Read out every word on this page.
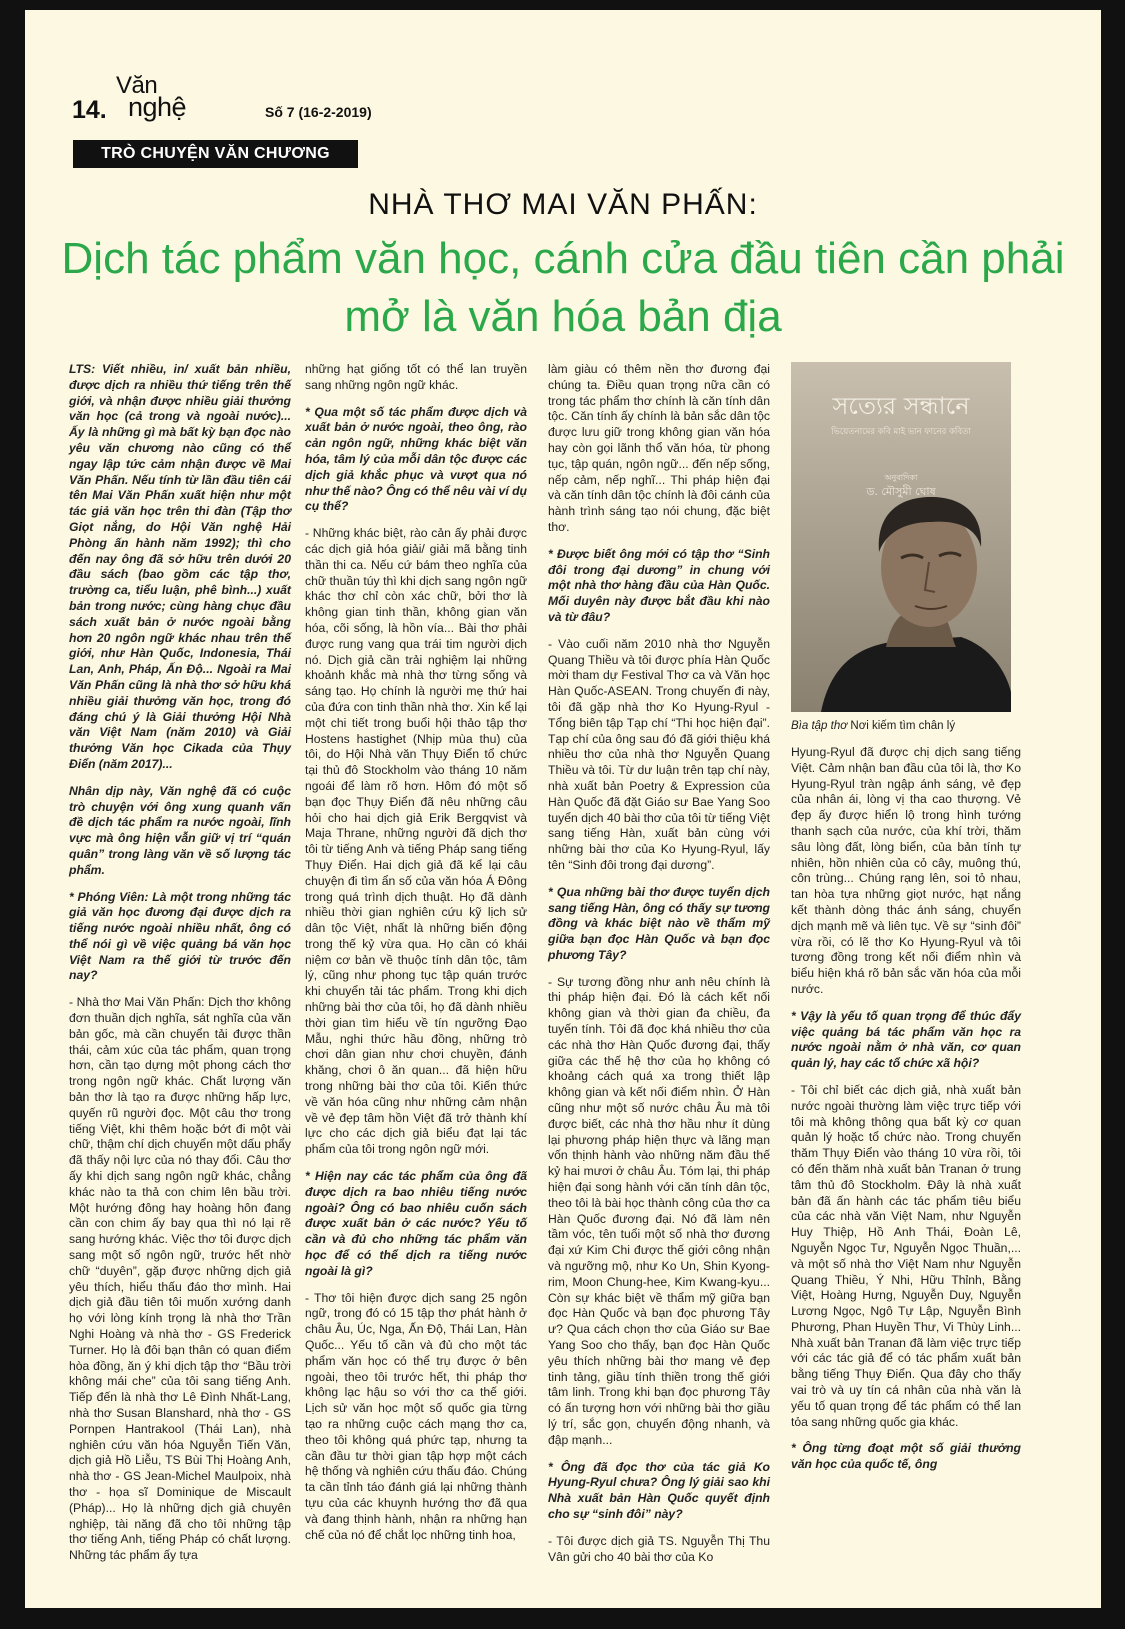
14.
Văn
nghệ	Số 7 (16-2-2019)
TRÒ CHUYỆN VĂN CHƯƠNG
NHÀ THƠ MAI VĂN PHẤN:
Dịch tác phẩm văn học, cánh cửa đầu tiên cần phải mở là văn hóa bản địa

LTS: Viết nhiều, in/ xuất bản nhiều, được dịch ra nhiều thứ tiếng trên thế giới, và nhận được nhiều giải thưởng văn học (cả trong và ngoài nước)... Ấy là những gì mà bất kỳ bạn đọc nào yêu văn chương nào cũng có thể ngay lập tức cảm nhận được về Mai Văn Phấn. Nếu tính từ lần đầu tiên cái tên Mai Văn Phấn xuất hiện như một tác giả văn học trên thi đàn (Tập thơ Giọt nắng, do Hội Văn nghệ Hải Phòng ấn hành năm 1992); thì cho đến nay ông đã sở hữu trên dưới 20 đầu sách (bao gồm các tập thơ, trường ca, tiểu luận, phê bình...) xuất bản trong nước; cùng hàng chục đầu sách xuất bản ở nước ngoài bằng hơn 20 ngôn ngữ khác nhau trên thế giới, như Hàn Quốc, Indonesia, Thái Lan, Anh, Pháp, Ấn Độ... Ngoài ra Mai Văn Phấn cũng là nhà thơ sở hữu khá nhiều giải thưởng văn học, trong đó đáng chú ý là Giải thưởng Hội Nhà văn Việt Nam (năm 2010) và Giải thưởng Văn học Cikada của Thụy Điển (năm 2017)...

Nhân dịp này, Văn nghệ đã có cuộc trò chuyện với ông xung quanh vấn đề dịch tác phẩm ra nước ngoài, lĩnh vực mà ông hiện vẫn giữ vị trí “quán quân” trong làng văn về số lượng tác phẩm.

* Phóng Viên: Là một trong những tác giả văn học đương đại được dịch ra tiếng nước ngoài nhiều nhất, ông có thể nói gì về việc quảng bá văn học Việt Nam ra thế giới từ trước đến nay?

- Nhà thơ Mai Văn Phấn: Dịch thơ không đơn thuần dịch nghĩa, sát nghĩa của văn bản gốc, mà cần chuyển tải được thần thái, cảm xúc của tác phẩm, quan trọng hơn, cần tạo dựng một phong cách thơ trong ngôn ngữ khác. Chất lượng văn bản thơ là tạo ra được những hấp lực, quyến rũ người đọc. Một câu thơ trong tiếng Việt, khi thêm hoặc bớt đi một vài chữ, thậm chí dịch chuyển một dấu phẩy đã thấy nội lực của nó thay đổi. Câu thơ ấy khi dịch sang ngôn ngữ khác, chẳng khác nào ta thả con chim lên bầu trời. Một hướng đông hay hoàng hôn đang cần con chim ấy bay qua thì nó lại rẽ sang hướng khác. Việc thơ tôi được dịch sang một số ngôn ngữ, trước hết nhờ chữ “duyên”, gặp được những dịch giả yêu thích, hiểu thấu đáo thơ mình. Hai dịch giả đầu tiên tôi muốn xướng danh họ với lòng kính trọng là nhà thơ Trần Nghi Hoàng và nhà thơ - GS Frederick Turner. Họ là đôi bạn thân có quan điểm hòa đồng, ăn ý khi dịch tập thơ “Bầu trời không mái che” của tôi sang tiếng Anh. Tiếp đến là nhà thơ Lê Đình Nhất-Lang, nhà thơ Susan Blanshard, nhà thơ - GS Pornpen Hantrakool (Thái Lan), nhà nghiên cứu văn hóa Nguyễn Tiến Văn, dịch giả Hồ Liễu, TS Bùi Thị Hoàng Anh, nhà thơ - GS Jean-Michel Maulpoix, nhà thơ - họa sĩ Dominique de Miscault (Pháp)... Họ là những dịch giả chuyên nghiệp, tài năng đã cho tôi những tập thơ tiếng Anh, tiếng Pháp có chất lượng. Những tác phẩm ấy tựa

những hạt giống tốt có thể lan truyền sang những ngôn ngữ khác.

* Qua một số tác phẩm được dịch và xuất bản ở nước ngoài, theo ông, rào cản ngôn ngữ, những khác biệt văn hóa, tâm lý của mỗi dân tộc được các dịch giả khắc phục và vượt qua nó như thế nào? Ông có thể nêu vài ví dụ cụ thể?

- Những khác biệt, rào cản ấy phải được các dịch giả hóa giải/ giải mã bằng tinh thần thi ca. Nếu cứ bám theo nghĩa của chữ thuần túy thì khi dịch sang ngôn ngữ khác thơ chỉ còn xác chữ, bởi thơ là không gian tinh thần, không gian văn hóa, cõi sống, là hồn vía... Bài thơ phải được rung vang qua trái tim người dịch nó. Dịch giả cần trải nghiệm lại những khoảnh khắc mà nhà thơ từng sống và sáng tạo. Họ chính là người mẹ thứ hai của đứa con tinh thần nhà thơ. Xin kể lại một chi tiết trong buổi hội thảo tập thơ Hostens hastighet (Nhịp mùa thu) của tôi, do Hội Nhà văn Thụy Điển tổ chức tại thủ đô Stockholm vào tháng 10 năm ngoái để làm rõ hơn. Hôm đó một số bạn đọc Thụy Điển đã nêu những câu hỏi cho hai dịch giả Erik Bergqvist và Maja Thrane, những người đã dịch thơ tôi từ tiếng Anh và tiếng Pháp sang tiếng Thụy Điển. Hai dịch giả đã kể lại câu chuyện đi tìm ẩn số của văn hóa Á Đông trong quá trình dịch thuật. Họ đã dành nhiều thời gian nghiên cứu kỹ lịch sử dân tộc Việt, nhất là những biến động trong thế kỷ vừa qua. Họ cần có khái niệm cơ bản về thuộc tính dân tộc, tâm lý, cũng như phong tục tập quán trước khi chuyển tải tác phẩm. Trong khi dịch những bài thơ của tôi, họ đã dành nhiều thời gian tìm hiểu về tín ngưỡng Đạo Mẫu, nghi thức hầu đồng, những trò chơi dân gian như chơi chuyền, đánh khăng, chơi ô ăn quan... đã hiện hữu trong những bài thơ của tôi. Kiến thức về văn hóa cũng như những cảm nhận về vẻ đẹp tâm hồn Việt đã trở thành khí lực cho các dịch giả biểu đạt lại tác phẩm của tôi trong ngôn ngữ mới.

* Hiện nay các tác phẩm của ông đã được dịch ra bao nhiêu tiếng nước ngoài? Ông có bao nhiêu cuốn sách được xuất bản ở các nước? Yếu tố cần và đủ cho những tác phẩm văn học để có thể dịch ra tiếng nước ngoài là gì?

- Thơ tôi hiện được dịch sang 25 ngôn ngữ, trong đó có 15 tập thơ phát hành ở châu Âu, Úc, Nga, Ấn Độ, Thái Lan, Hàn Quốc... Yếu tố cần và đủ cho một tác phẩm văn học có thể trụ được ở bên ngoài, theo tôi trước hết, thi pháp thơ không lạc hậu so với thơ ca thế giới. Lịch sử văn học một số quốc gia từng tạo ra những cuộc cách mạng thơ ca, theo tôi không quá phức tạp, nhưng ta cần đầu tư thời gian tập hợp một cách hệ thống và nghiên cứu thấu đáo. Chúng ta cần tỉnh táo đánh giá lại những thành tựu của các khuynh hướng thơ đã qua và đang thịnh hành, nhận ra những hạn chế của nó để chắt lọc những tinh hoa,

làm giàu có thêm nền thơ đương đại chúng ta. Điều quan trọng nữa cần có trong tác phẩm thơ chính là căn tính dân tộc. Căn tính ấy chính là bản sắc dân tộc được lưu giữ trong không gian văn hóa hay còn gọi lãnh thổ văn hóa, từ phong tục, tập quán, ngôn ngữ... đến nếp sống, nếp cảm, nếp nghĩ... Thi pháp hiện đại và căn tính dân tộc chính là đôi cánh của hành trình sáng tạo nói chung, đặc biệt thơ.

* Được biết ông mới có tập thơ “Sinh đôi trong đại dương” in chung với một nhà thơ hàng đầu của Hàn Quốc. Mối duyên này được bắt đầu khi nào và từ đâu?

- Vào cuối năm 2010 nhà thơ Nguyễn Quang Thiều và tôi được phía Hàn Quốc mời tham dự Festival Thơ ca và Văn học Hàn Quốc-ASEAN. Trong chuyến đi này, tôi đã gặp nhà thơ Ko Hyung-Ryul - Tổng biên tập Tạp chí “Thi học hiện đại”. Tạp chí của ông sau đó đã giới thiệu khá nhiều thơ của nhà thơ Nguyễn Quang Thiều và tôi. Từ dư luận trên tạp chí này, nhà xuất bản Poetry & Expression của Hàn Quốc đã đặt Giáo sư Bae Yang Soo tuyển dịch 40 bài thơ của tôi từ tiếng Việt sang tiếng Hàn, xuất bản cùng với những bài thơ của Ko Hyung-Ryul, lấy tên “Sinh đôi trong đại dương”.

* Qua những bài thơ được tuyển dịch sang tiếng Hàn, ông có thấy sự tương đồng và khác biệt nào về thẩm mỹ giữa bạn đọc Hàn Quốc và bạn đọc phương Tây?

- Sự tương đồng như anh nêu chính là thi pháp hiện đại. Đó là cách kết nối không gian và thời gian đa chiều, đa tuyến tính. Tôi đã đọc khá nhiều thơ của các nhà thơ Hàn Quốc đương đại, thấy giữa các thế hệ thơ của họ không có khoảng cách quá xa trong thiết lập không gian và kết nối điểm nhìn. Ở Hàn cũng như một số nước châu Âu mà tôi được biết, các nhà thơ hầu như ít dùng lại phương pháp hiện thực và lãng mạn vốn thịnh hành vào những năm đầu thế kỷ hai mươi ở châu Âu. Tóm lại, thi pháp hiện đại song hành với căn tính dân tộc, theo tôi là bài học thành công của thơ ca Hàn Quốc đương đại. Nó đã làm nên tầm vóc, tên tuổi một số nhà thơ đương đại xứ Kim Chi được thế giới công nhận và ngưỡng mộ, như Ko Un, Shin Kyong-rim, Moon Chung-hee, Kim Kwang-kyu... Còn sự khác biệt về thẩm mỹ giữa bạn đọc Hàn Quốc và bạn đọc phương Tây ư? Qua cách chọn thơ của Giáo sư Bae Yang Soo cho thấy, bạn đọc Hàn Quốc yêu thích những bài thơ mang vẻ đẹp tinh tảng, giầu tính thiền trong thế giới tâm linh. Trong khi bạn đọc phương Tây có ấn tượng hơn với những bài thơ giầu lý trí, sắc gọn, chuyển động nhanh, và đập mạnh...

* Ông đã đọc thơ của tác giả Ko Hyung-Ryul chưa? Ông lý giải sao khi Nhà xuất bản Hàn Quốc quyết định cho sự “sinh đôi” này?

- Tôi được dịch giả TS. Nguyễn Thị Thu Vân gửi cho 40 bài thơ của Ko

সত্যের সন্ধানে
ভিয়েতনামের কবি মাই ভান ফানের কবিতা
অনুবাদিকা
ড. মৌসুমী ঘোষ
Bìa tập thơ Nơi kiếm tìm chân lý

Hyung-Ryul đã được chị dịch sang tiếng Việt. Cảm nhận ban đầu của tôi là, thơ Ko Hyung-Ryul tràn ngập ánh sáng, vẻ đẹp của nhân ái, lòng vị tha cao thượng. Vẻ đẹp ấy được hiển lộ trong hình tướng thanh sạch của nước, của khí trời, thăm sâu lòng đất, lòng biển, của bản tính tự nhiên, hồn nhiên của cỏ cây, muông thú, côn trùng... Chúng rạng lên, soi tỏ nhau, tan hòa tựa những giọt nước, hạt nắng kết thành dòng thác ánh sáng, chuyển dịch mạnh mẽ và liên tục. Về sự “sinh đôi” vừa rồi, có lẽ thơ Ko Hyung-Ryul và tôi tương đồng trong kết nối điểm nhìn và biểu hiện khá rõ bản sắc văn hóa của mỗi nước.

* Vậy là yếu tố quan trọng để thúc đẩy việc quảng bá tác phẩm văn học ra nước ngoài nằm ở nhà văn, cơ quan quản lý, hay các tổ chức xã hội?

- Tôi chỉ biết các dịch giả, nhà xuất bản nước ngoài thường làm việc trực tiếp với tôi mà không thông qua bất kỳ cơ quan quản lý hoặc tổ chức nào. Trong chuyến thăm Thụy Điển vào tháng 10 vừa rồi, tôi có đến thăm nhà xuất bản Tranan ở trung tâm thủ đô Stockholm. Đây là nhà xuất bản đã ấn hành các tác phẩm tiêu biểu của các nhà văn Việt Nam, như Nguyễn Huy Thiệp, Hồ Anh Thái, Đoàn Lê, Nguyễn Ngọc Tư, Nguyễn Ngọc Thuần,... và một số nhà thơ Việt Nam như Nguyễn Quang Thiều, Ý Nhi, Hữu Thỉnh, Bằng Việt, Hoàng Hưng, Nguyễn Duy, Nguyễn Lương Ngọc, Ngô Tự Lập, Nguyễn Bình Phương, Phan Huyền Thư, Vi Thùy Linh... Nhà xuất bản Tranan đã làm việc trực tiếp với các tác giả để có tác phẩm xuất bản bằng tiếng Thụy Điển. Qua đây cho thấy vai trò và uy tín cá nhân của nhà văn là yếu tố quan trọng để tác phẩm có thể lan tỏa sang những quốc gia khác.

* Ông từng đoạt một số giải thưởng văn học của quốc tế, ông
